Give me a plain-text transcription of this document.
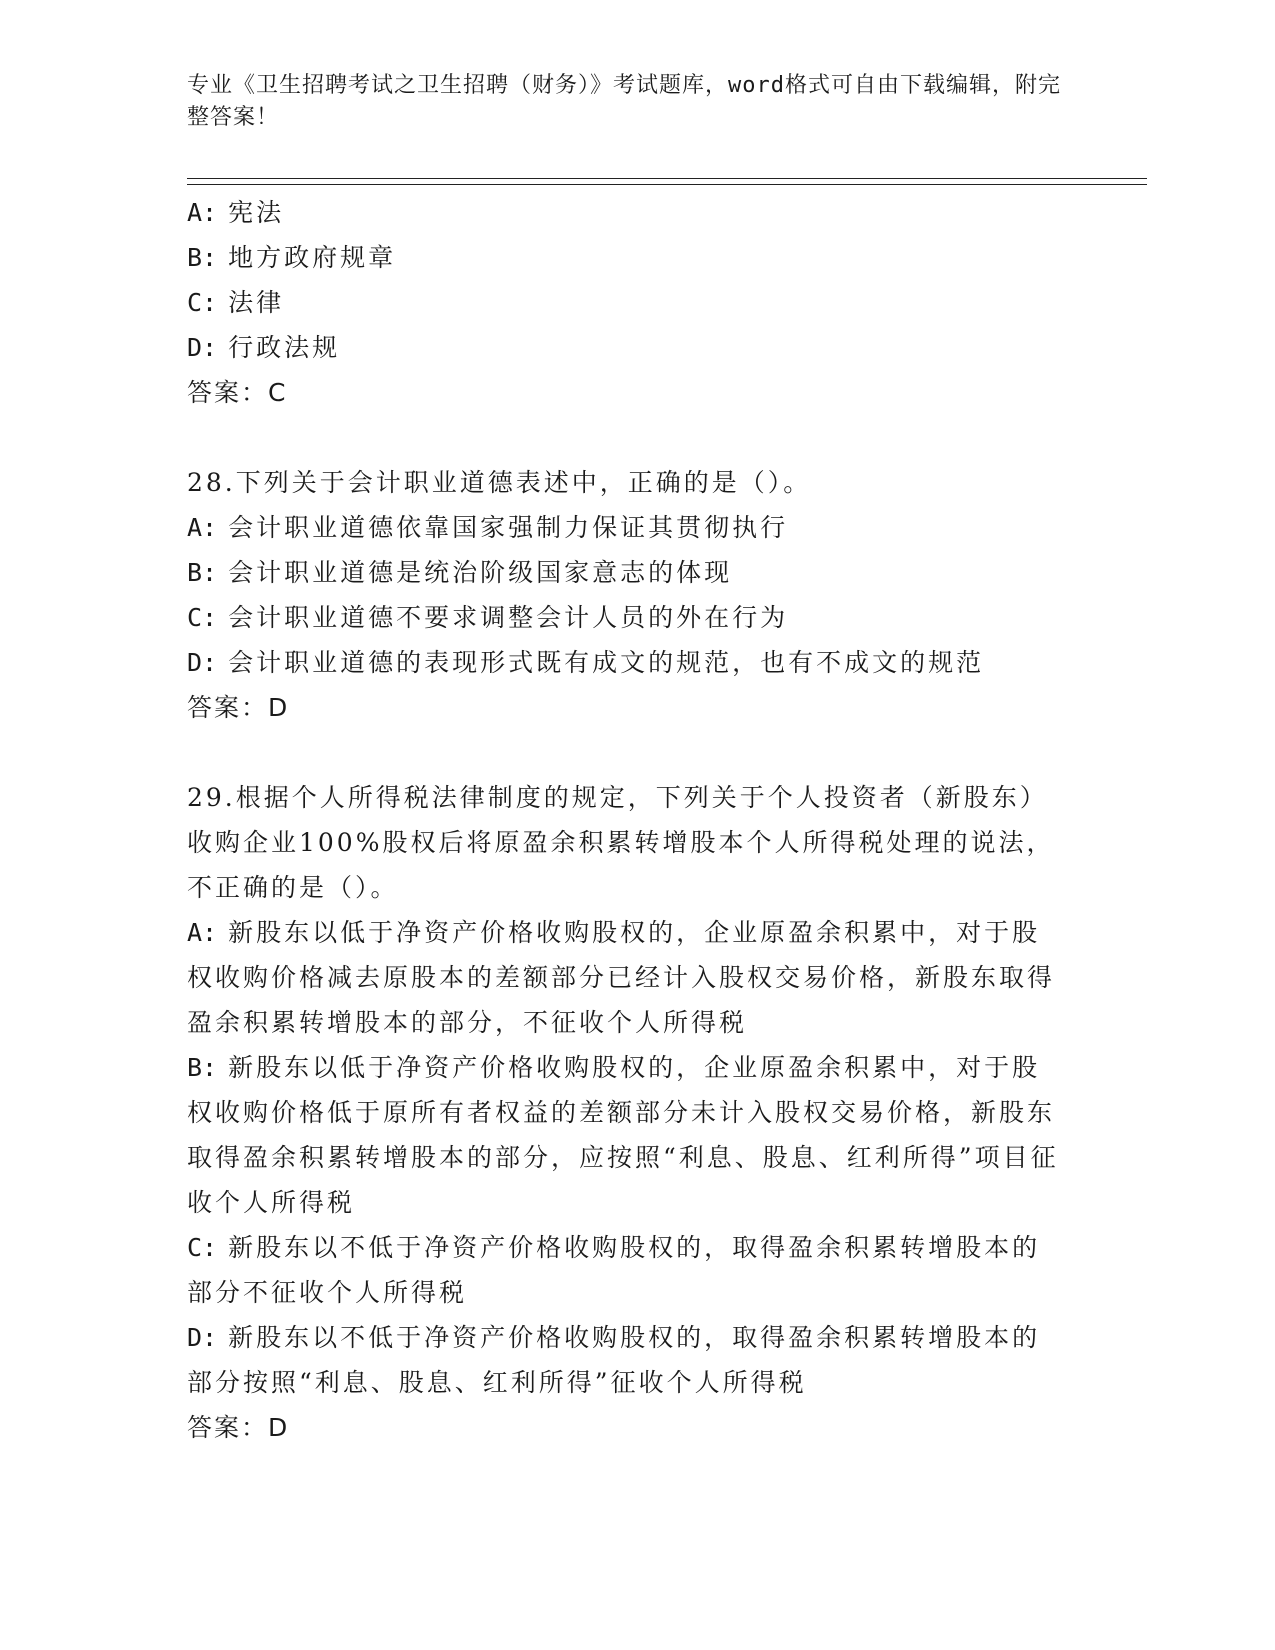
专业《卫生招聘考试之卫生招聘（财务）》考试题库，word格式可自由下载编辑，附完整答案！

A: 宪法

B: 地方政府规章

C: 法律

D: 行政法规

答案：C

28.下列关于会计职业道德表述中，正确的是（）。

A: 会计职业道德依靠国家强制力保证其贯彻执行

B: 会计职业道德是统治阶级国家意志的体现

C: 会计职业道德不要求调整会计人员的外在行为

D: 会计职业道德的表现形式既有成文的规范，也有不成文的规范

答案：D

29.根据个人所得税法律制度的规定，下列关于个人投资者（新股东）收购企业100%股权后将原盈余积累转增股本个人所得税处理的说法，不正确的是（）。

A: 新股东以低于净资产价格收购股权的，企业原盈余积累中，对于股权收购价格减去原股本的差额部分已经计入股权交易价格，新股东取得盈余积累转增股本的部分，不征收个人所得税

B: 新股东以低于净资产价格收购股权的，企业原盈余积累中，对于股权收购价格低于原所有者权益的差额部分未计入股权交易价格，新股东取得盈余积累转增股本的部分，应按照“利息、股息、红利所得”项目征收个人所得税

C: 新股东以不低于净资产价格收购股权的，取得盈余积累转增股本的部分不征收个人所得税

D: 新股东以不低于净资产价格收购股权的，取得盈余积累转增股本的部分按照“利息、股息、红利所得”征收个人所得税

答案：D
